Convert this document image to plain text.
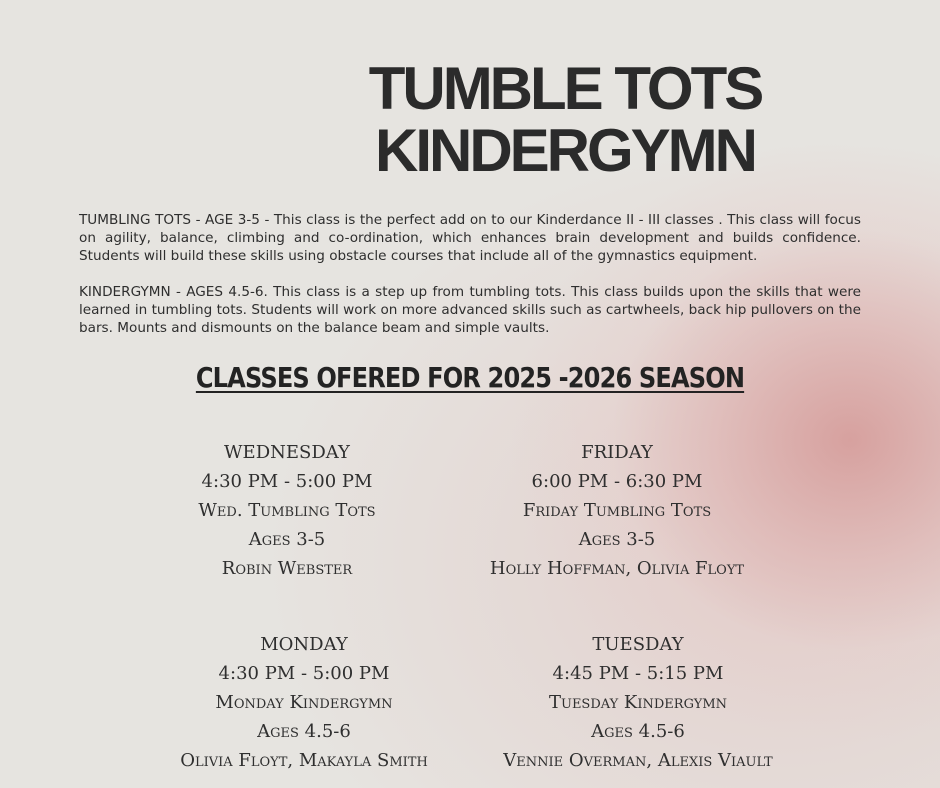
TUMBLE TOTS
KINDERGYMN

TUMBLING TOTS - AGE 3-5 - This class is the perfect add on to our Kinderdance II - III classes . This class will focus on agility, balance, climbing and co-ordination, which enhances brain development and builds confidence. Students will build these skills using obstacle courses that include all of the gymnastics equipment.

KINDERGYMN - AGES 4.5-6. This class is a step up from tumbling tots. This class builds upon the skills that were learned in tumbling tots. Students will work on more advanced skills such as cartwheels, back hip pullovers on the bars. Mounts and dismounts on the balance beam and simple vaults.

CLASSES OFERED FOR 2025 -2026 SEASON
WEDNESDAY
4:30 PM - 5:00 PM
Wed. Tumbling Tots
Ages 3-5
Robin Webster
FRIDAY
6:00 PM - 6:30 PM
Friday Tumbling Tots
Ages 3-5
Holly Hoffman, Olivia Floyt
MONDAY
4:30 PM - 5:00 PM
Monday Kindergymn
Ages 4.5-6
Olivia Floyt, Makayla Smith
TUESDAY
4:45 PM - 5:15 PM
Tuesday Kindergymn
Ages 4.5-6
Vennie Overman, Alexis Viault
